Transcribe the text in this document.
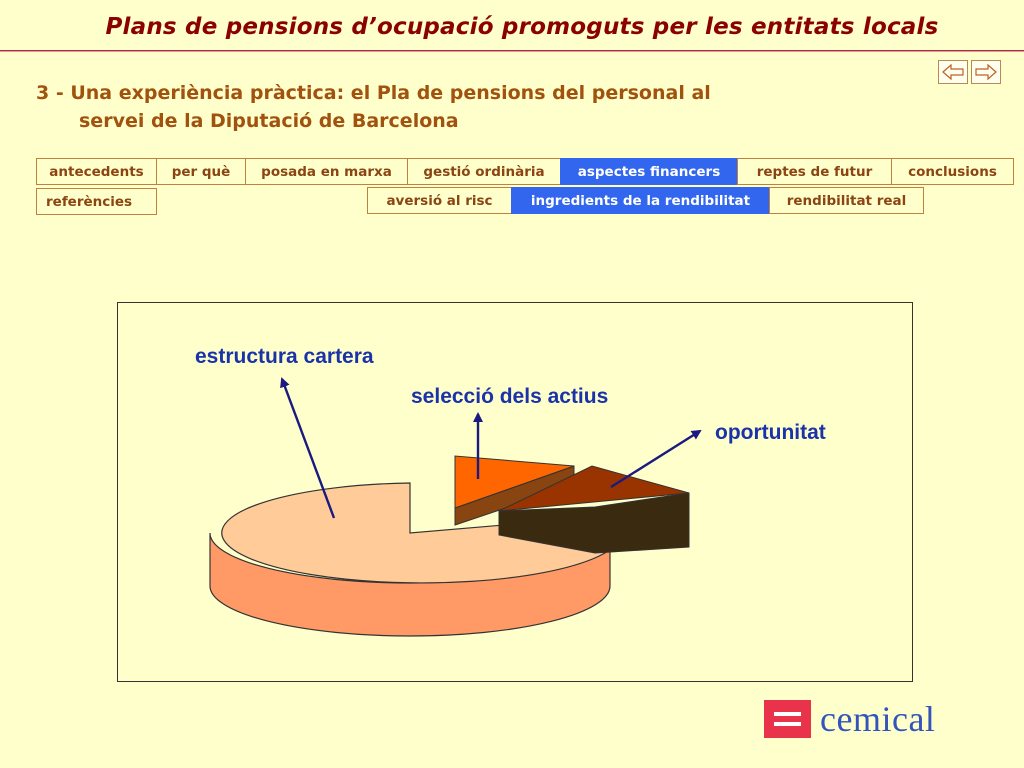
Plans de pensions d’ocupació promoguts per les entitats locals
3 - Una experiència pràctica: el Pla de pensions del personal al
servei de la Diputació de Barcelona
antecedents	per què	posada en marxa	gestió ordinària	aspectes financers	reptes de futur	conclusions
referències	aversió al risc	ingredients de la rendibilitat	rendibilitat real
estructura cartera
selecció dels actius
oportunitat
cemical
